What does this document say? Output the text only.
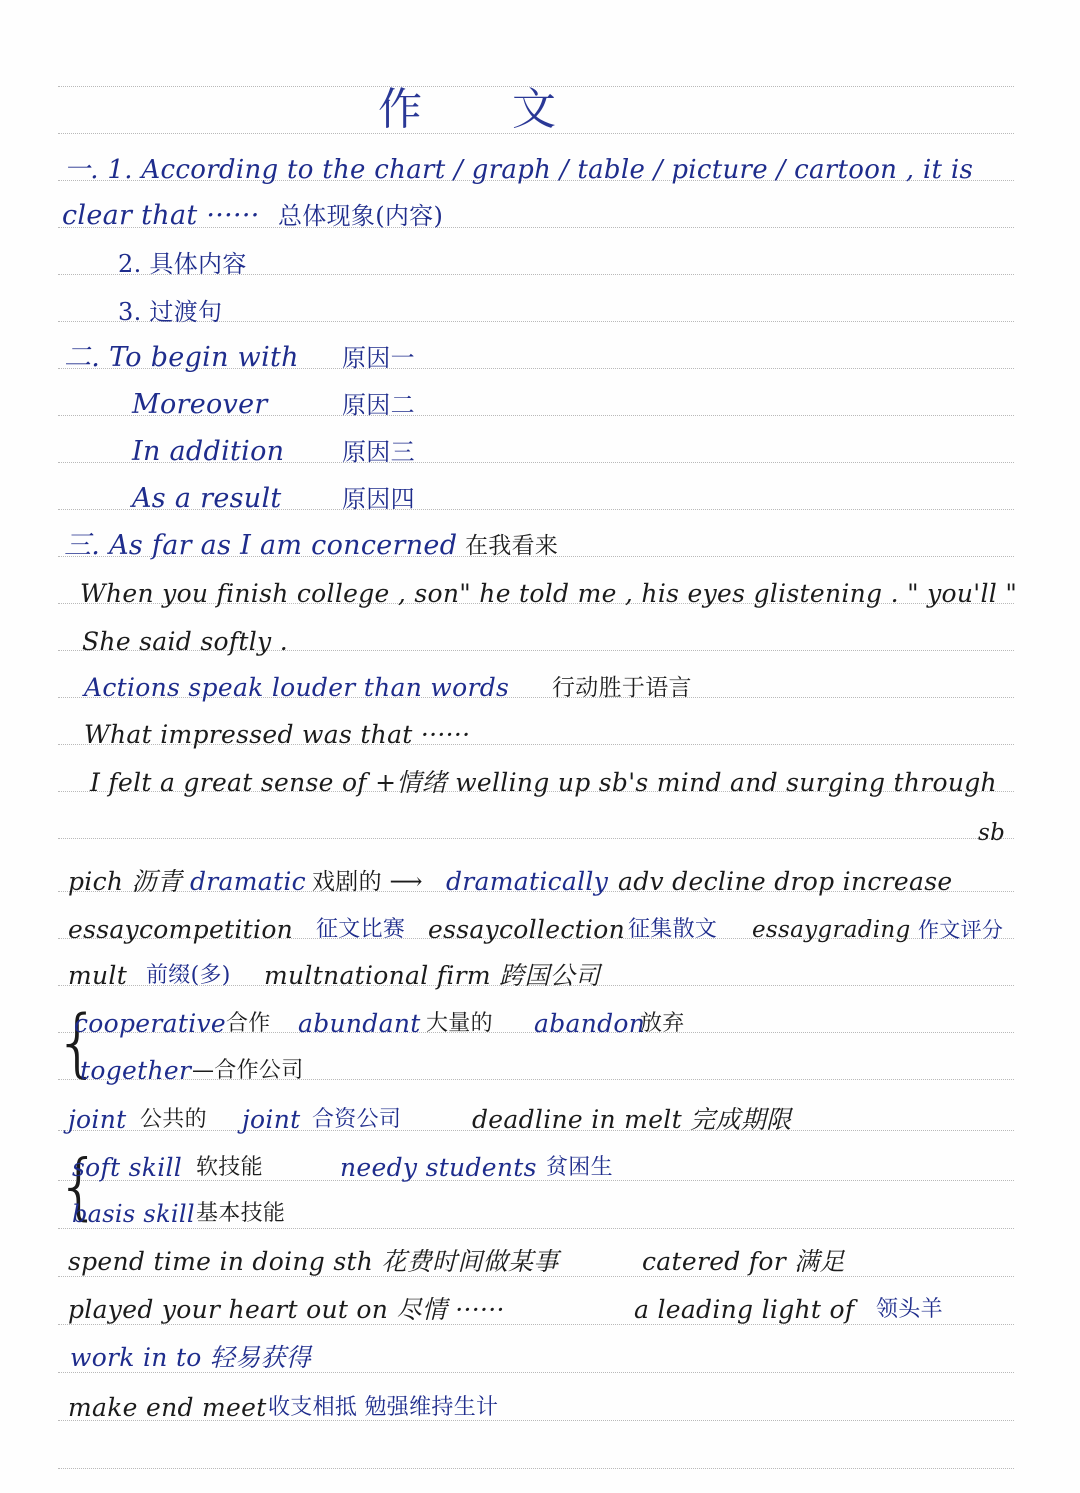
作 文
一. 1. According to the chart / graph / table / picture / cartoon , it is
clear that ······ 总体现象(内容)
2. 具体内容
3. 过渡句
二. To begin with 原因一
Moreover	原因二
In addition 原因三
As a result	原因四
三. As far as I am concerned 在我看来
When you finish college , son" he told me , his eyes glistening . " you'll "
She said softly .
Actions speak louder than words 行动胜于语言
What impressed was that ······
I felt a great sense of +情绪 welling up sb's mind and surging through
sb
pich 沥青 dramatic 戏剧的 ⟶ dramatically adv decline drop increase
essaycompetition 征文比赛 essaycollection 征集散文 essaygrading 作文评分
mult 前缀(多) multnational firm 跨国公司
{
cooperative 合作 abundant 大量的 abandon
放弃
together —合作公司
joint 公共的 joint 合资公司	deadline in melt 完成期限
{
soft skill 软技能	needy students 贫困生
basis skill 基本技能
spend time in doing sth 花费时间做某事	catered for 满足
played your heart out on 尽情 ······	a leading light of 领头羊
work in to 轻易获得
make end meet 收支相抵 勉强维持生计
